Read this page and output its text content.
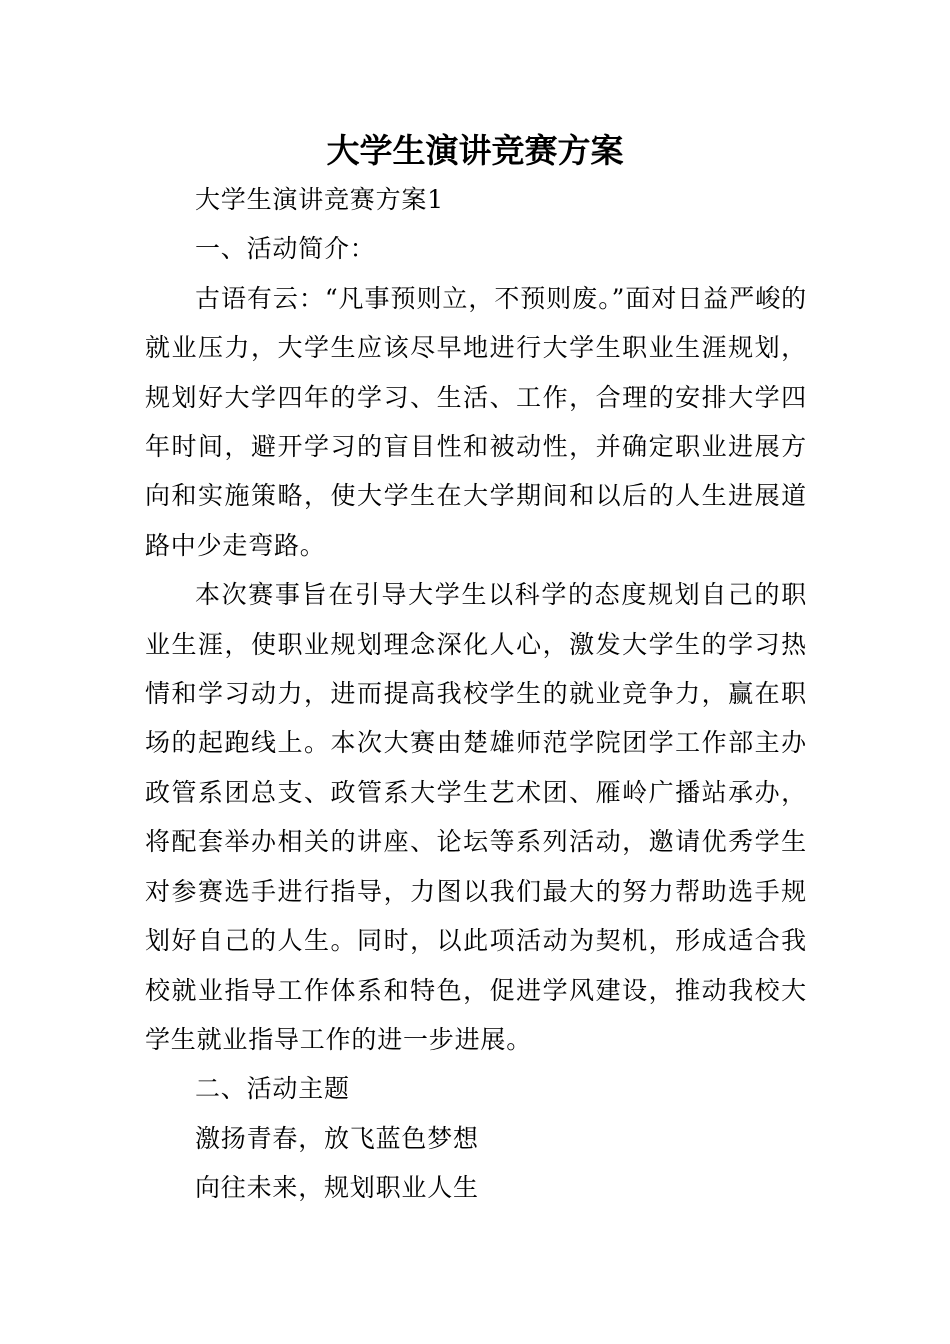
大学生演讲竞赛方案

大学生演讲竞赛方案1

一、活动简介：

古语有云：“凡事预则立，不预则废。”面对日益严峻的就业压力，大学生应该尽早地进行大学生职业生涯规划，规划好大学四年的学习、生活、工作，合理的安排大学四年时间，避开学习的盲目性和被动性，并确定职业进展方向和实施策略，使大学生在大学期间和以后的人生进展道路中少走弯路。

本次赛事旨在引导大学生以科学的态度规划自己的职业生涯，使职业规划理念深化人心，激发大学生的学习热情和学习动力，进而提高我校学生的就业竞争力，赢在职场的起跑线上。本次大赛由楚雄师范学院团学工作部主办政管系团总支、政管系大学生艺术团、雁岭广播站承办，将配套举办相关的讲座、论坛等系列活动，邀请优秀学生对参赛选手进行指导，力图以我们最大的努力帮助选手规划好自己的人生。同时，以此项活动为契机，形成适合我校就业指导工作体系和特色，促进学风建设，推动我校大学生就业指导工作的进一步进展。

二、活动主题

激扬青春，放飞蓝色梦想

向往未来，规划职业人生
